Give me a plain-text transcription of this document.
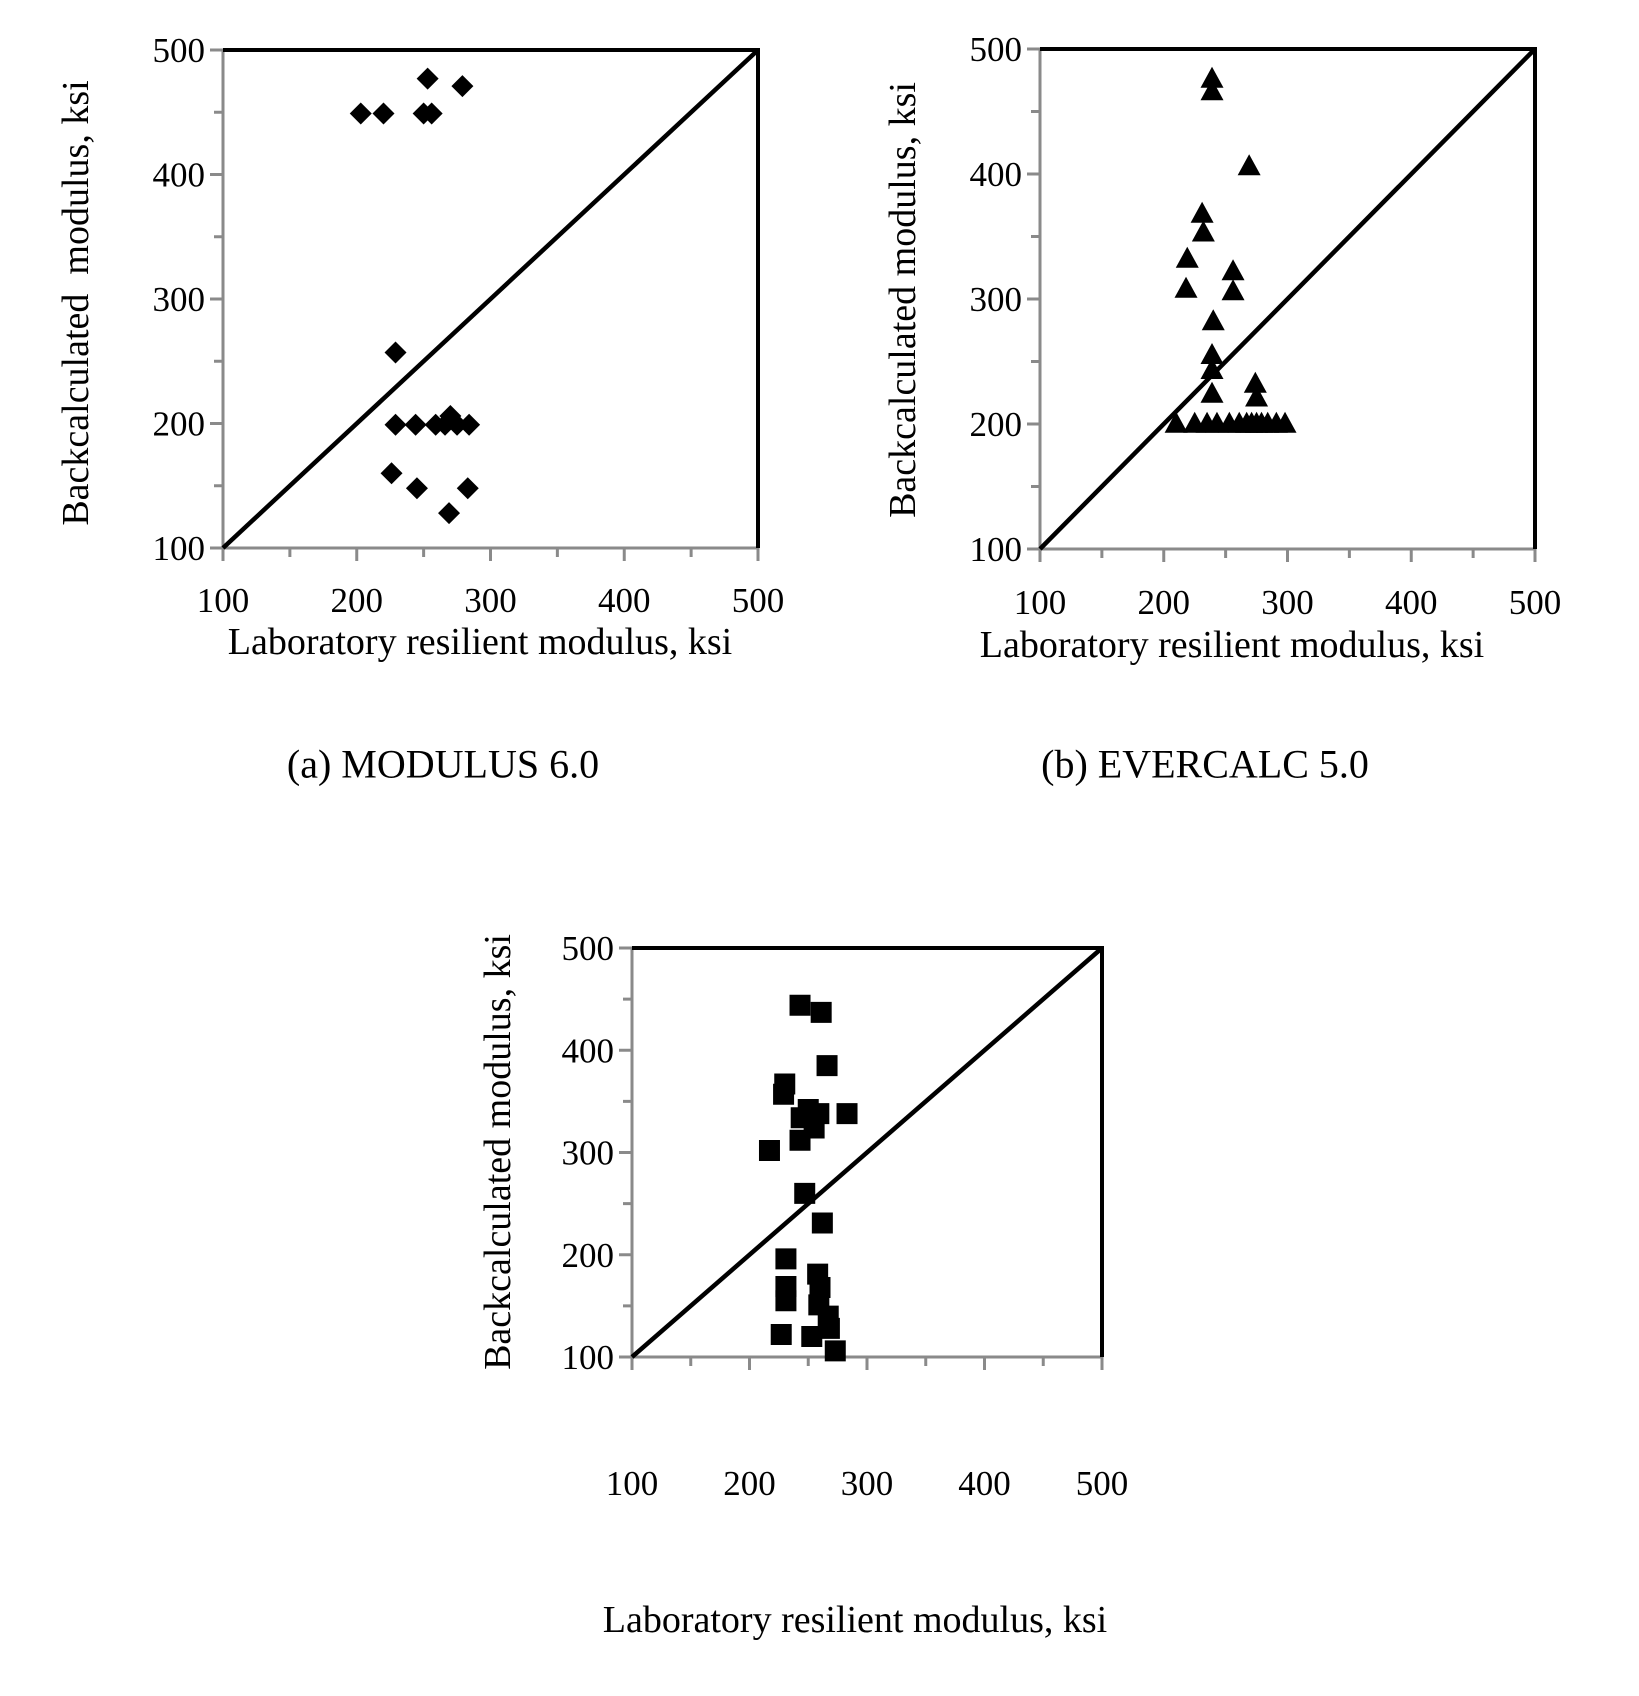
100
100
200
200
300
300
400
400
500
500
100
100
200
200
300
300
400
400
500
500
100
100
200
200
300
300
400
400
500
500
Backcalculated  modulus, ksi
Laboratory resilient modulus, ksi
(a) MODULUS 6.0
Backcalculated modulus, ksi
Laboratory resilient modulus, ksi
(b) EVERCALC 5.0
Backcalculated modulus, ksi
Laboratory resilient modulus, ksi
